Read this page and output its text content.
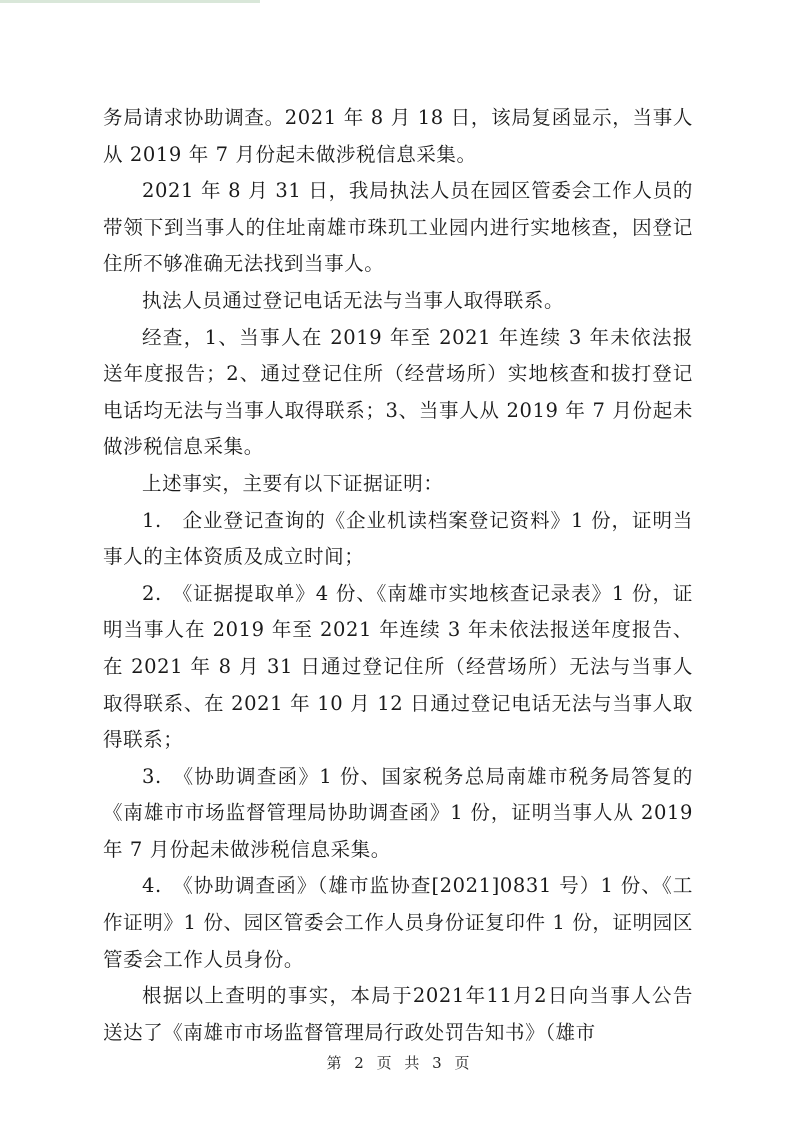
务局请求协助调查。2021 年 8 月 18 日，该局复函显示，当事人从 2019 年 7 月份起未做涉税信息采集。

2021 年 8 月 31 日，我局执法人员在园区管委会工作人员的带领下到当事人的住址南雄市珠玑工业园内进行实地核查，因登记住所不够准确无法找到当事人。

执法人员通过登记电话无法与当事人取得联系。

经查，1、当事人在 2019 年至 2021 年连续 3 年未依法报送年度报告；2、通过登记住所（经营场所）实地核查和拔打登记电话均无法与当事人取得联系；3、当事人从 2019 年 7 月份起未做涉税信息采集。

上述事实，主要有以下证据证明：

1.　企业登记查询的《企业机读档案登记资料》1 份，证明当事人的主体资质及成立时间；

2.　《证据提取单》4 份、《南雄市实地核查记录表》1 份，证明当事人在 2019 年至 2021 年连续 3 年未依法报送年度报告、在 2021 年 8 月 31 日通过登记住所（经营场所）无法与当事人取得联系、在 2021 年 10 月 12 日通过登记电话无法与当事人取得联系；

3.　《协助调查函》1 份、国家税务总局南雄市税务局答复的《南雄市市场监督管理局协助调查函》1 份，证明当事人从 2019 年 7 月份起未做涉税信息采集。

4.　《协助调查函》（雄市监协查[2021]0831 号）1 份、《工作证明》1 份、园区管委会工作人员身份证复印件 1 份，证明园区管委会工作人员身份。

根据以上查明的事实，本局于2021年11月2日向当事人公告送达了《南雄市市场监督管理局行政处罚告知书》（雄市

第 2 页 共 3 页
